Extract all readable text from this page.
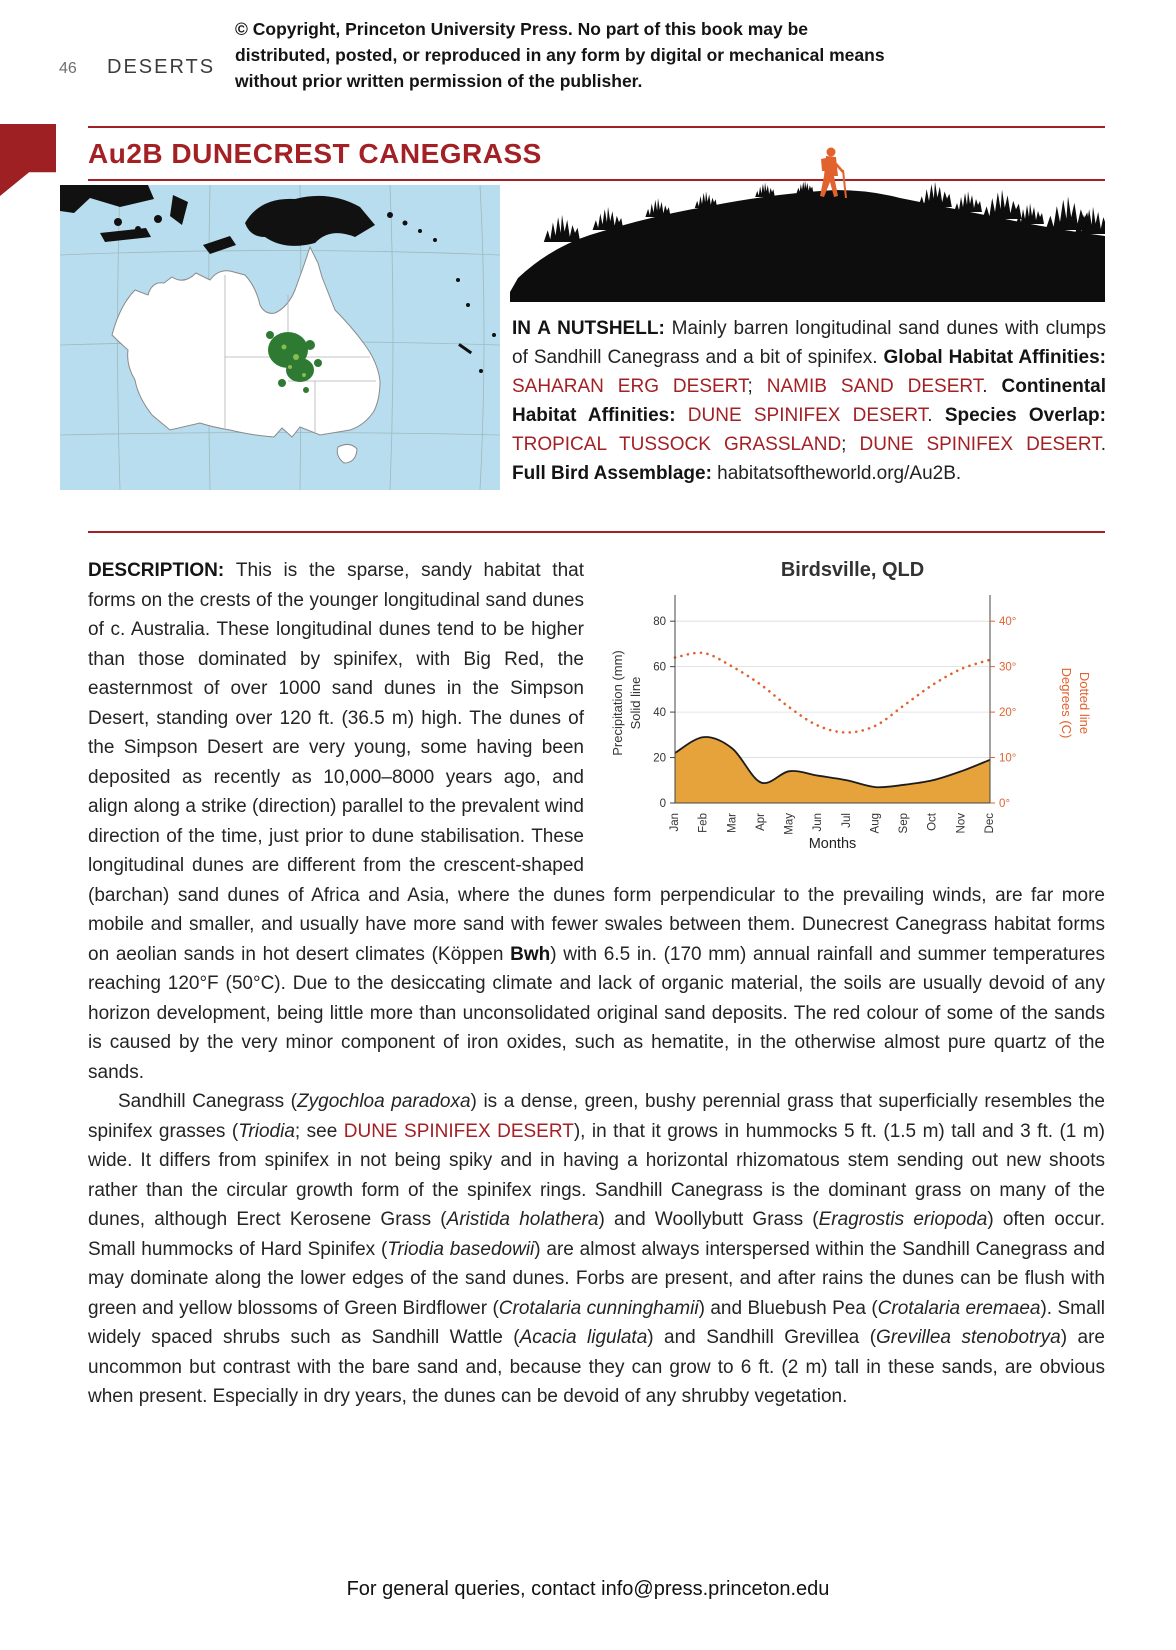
© Copyright, Princeton University Press. No part of this book may be distributed, posted, or reproduced in any form by digital or mechanical means without prior written permission of the publisher.
46 DESERTS
Au2B DUNECREST CANEGRASS
IN A NUTSHELL: Mainly barren longitudinal sand dunes with clumps of Sandhill Canegrass and a bit of spinifex. Global Habitat Affinities: SAHARAN ERG DESERT; NAMIB SAND DESERT. Continental Habitat Affinities: DUNE SPINIFEX DESERT. Species Overlap: TROPICAL TUSSOCK GRASSLAND; DUNE SPINIFEX DESERT. Full Bird Assemblage: habitatsoftheworld.org/Au2B.
Birdsville, QLD
0
20
40
60
80
0°
10°
20°
30°
40°
Jan Feb Mar Apr May Jun Jul Aug Sep Oct Nov Dec
Precipitation (mm) Solid line	Degrees (C) Dotted line
Months
DESCRIPTION: This is the sparse, sandy habitat that forms on the crests of the younger longitudinal sand dunes of c. Australia. These longitudinal dunes tend to be higher than those dominated by spinifex, with Big Red, the easternmost of over 1000 sand dunes in the Simpson Desert, standing over 120 ft. (36.5 m) high. The dunes of the Simpson Desert are very young, some having been deposited as recently as 10,000–8000 years ago, and align along a strike (direction) parallel to the prevalent wind direction of the time, just prior to dune stabilisation. These longitudinal dunes are different from the crescent-shaped (barchan) sand dunes of Africa and Asia, where the dunes form perpendicular to the prevailing winds, are far more mobile and smaller, and usually have more sand with fewer swales between them. Dunecrest Canegrass habitat forms on aeolian sands in hot desert climates (Köppen Bwh) with 6.5 in. (170 mm) annual rainfall and summer temperatures reaching 120°F (50°C). Due to the desiccating climate and lack of organic material, the soils are usually devoid of any horizon development, being little more than unconsolidated original sand deposits. The red colour of some of the sands is caused by the very minor component of iron oxides, such as hematite, in the otherwise almost pure quartz of the sands.
Sandhill Canegrass (Zygochloa paradoxa) is a dense, green, bushy perennial grass that superficially resembles the spinifex grasses (Triodia; see DUNE SPINIFEX DESERT), in that it grows in hummocks 5 ft. (1.5 m) tall and 3 ft. (1 m) wide. It differs from spinifex in not being spiky and in having a horizontal rhizomatous stem sending out new shoots rather than the circular growth form of the spinifex rings. Sandhill Canegrass is the dominant grass on many of the dunes, although Erect Kerosene Grass (Aristida holathera) and Woollybutt Grass (Eragrostis eriopoda) often occur. Small hummocks of Hard Spinifex (Triodia basedowii) are almost always interspersed within the Sandhill Canegrass and may dominate along the lower edges of the sand dunes. Forbs are present, and after rains the dunes can be flush with green and yellow blossoms of Green Birdflower (Crotalaria cunninghamii) and Bluebush Pea (Crotalaria eremaea). Small widely spaced shrubs such as Sandhill Wattle (Acacia ligulata) and Sandhill Grevillea (Grevillea stenobotrya) are uncommon but contrast with the bare sand and, because they can grow to 6 ft. (2 m) tall in these sands, are obvious when present. Especially in dry years, the dunes can be devoid of any shrubby vegetation.
For general queries, contact info@press.princeton.edu
